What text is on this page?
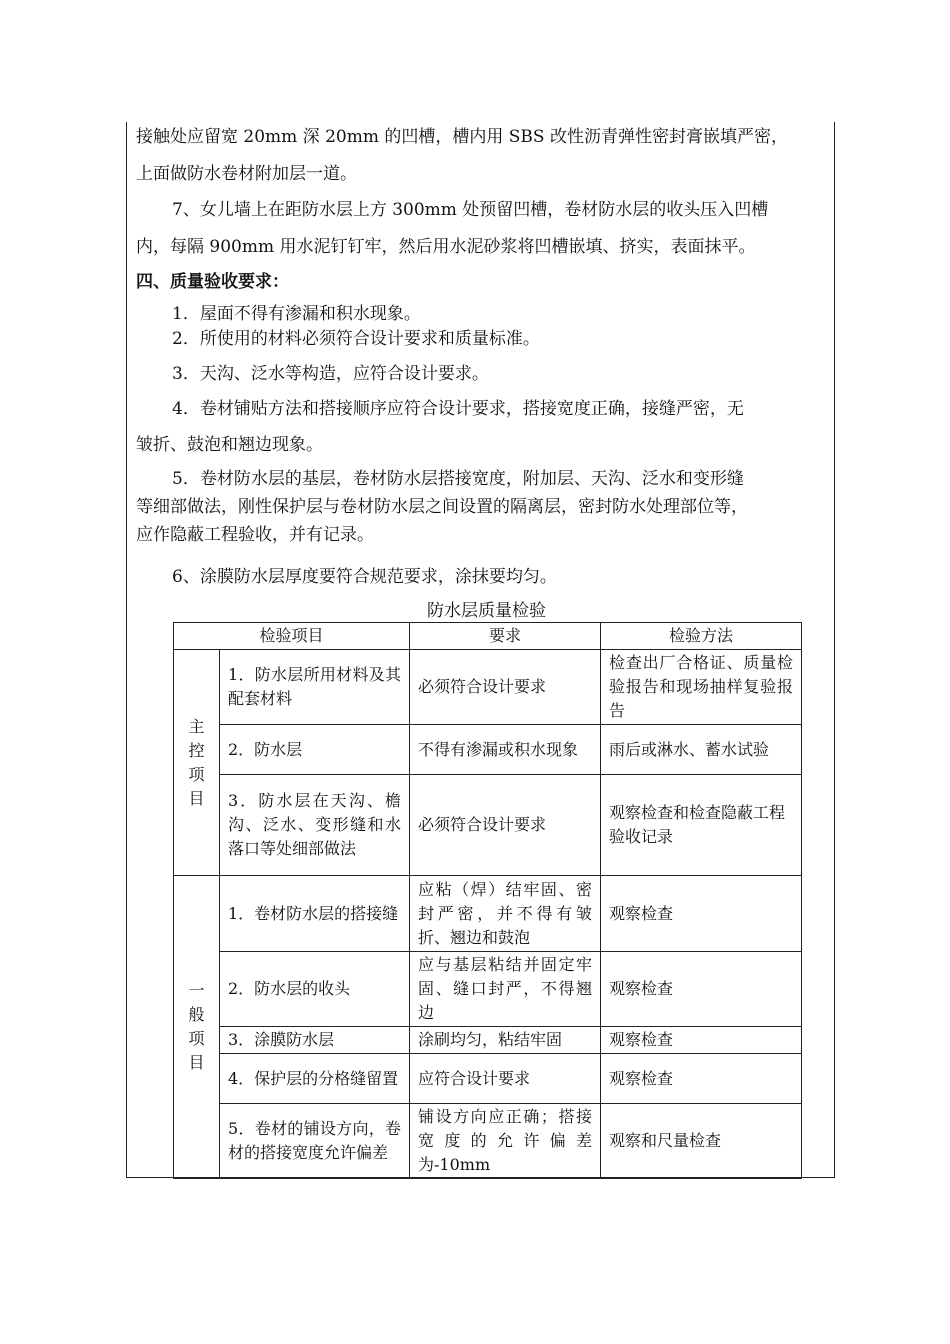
接触处应留宽 20mm 深 20mm 的凹槽，槽内用 SBS 改性沥青弹性密封膏嵌填严密，

上面做防水卷材附加层一道。

7、女儿墙上在距防水层上方 300mm 处预留凹槽，卷材防水层的收头压入凹槽

内，每隔 900mm 用水泥钉钉牢，然后用水泥砂浆将凹槽嵌填、挤实，表面抹平。

四、质量验收要求：

1．屋面不得有渗漏和积水现象。

2．所使用的材料必须符合设计要求和质量标准。

3．天沟、泛水等构造，应符合设计要求。

4．卷材铺贴方法和搭接顺序应符合设计要求，搭接宽度正确，接缝严密，无

皱折、鼓泡和翘边现象。

5．卷材防水层的基层，卷材防水层搭接宽度，附加层、天沟、泛水和变形缝

等细部做法，刚性保护层与卷材防水层之间设置的隔离层，密封防水处理部位等，

应作隐蔽工程验收，并有记录。

6、涂膜防水层厚度要符合规范要求，涂抹要均匀。

防水层质量检验
检验项目		要求	检验方法

主
控
项
目	1．防水层所用材料及其配套材料	必须符合设计要求	检查出厂合格证、质量检验报告和现场抽样复验报告
	2．防水层	不得有渗漏或积水现象	雨后或淋水、蓄水试验
	3．防水层在天沟、檐沟、泛水、变形缝和水落口等处细部做法	必须符合设计要求	观察检查和检查隐蔽工程验收记录

一
般
项
目	1．卷材防水层的搭接缝	应粘（焊）结牢固、密封严密，并不得有皱折、翘边和鼓泡	观察检查
	2．防水层的收头	应与基层粘结并固定牢固、缝口封严，不得翘边	观察检查
	3．涂膜防水层	涂刷均匀，粘结牢固	观察检查
	4．保护层的分格缝留置	应符合设计要求	观察检查
	5．卷材的铺设方向，卷材的搭接宽度允许偏差	铺设方向应正确；搭接宽度的允许偏差为-10mm	观察和尺量检查
